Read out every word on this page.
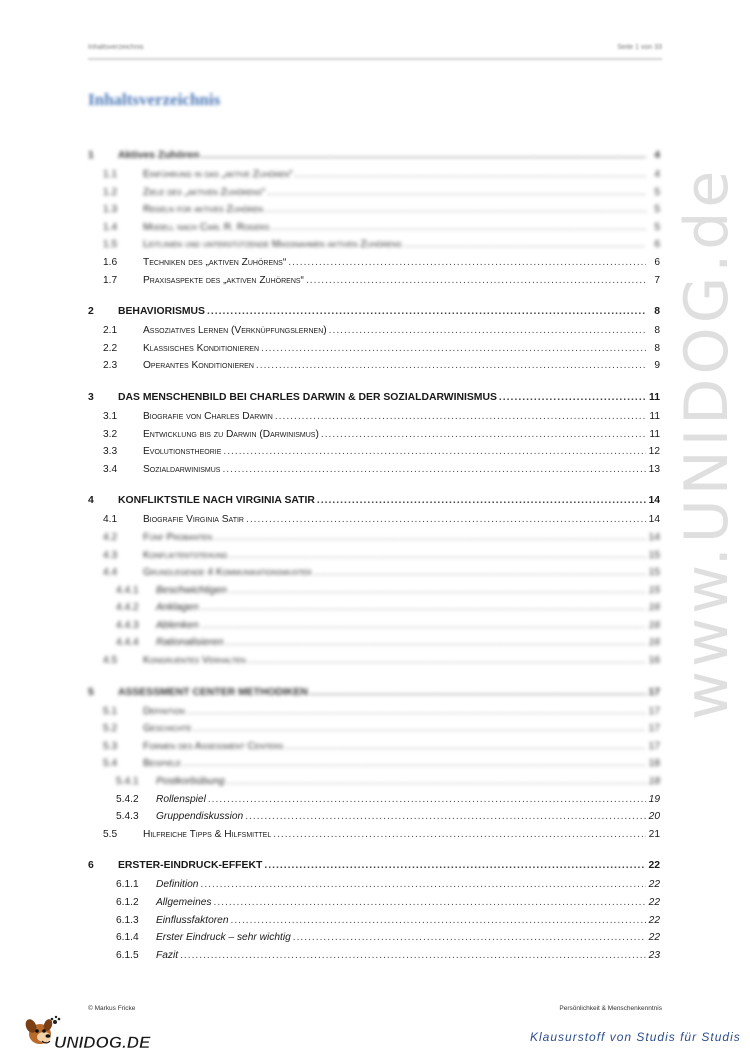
Inhaltsverzeichnis	Seite 1 von 33
Inhaltsverzeichnis
1	Aktives Zuhören .....	4
1.1	Einführung in das „aktive Zuhören“ .....	4
1.2	Ziele des „aktiven Zuhörens“ .....	5
1.3	Regeln für aktives Zuhören .....	5
1.4	Modell nach Carl R. Rogers .....	5
1.5	Leitlinien und unterstützende Maßnahmen aktiven Zuhörens .....	6
1.6	Techniken des „aktiven Zuhörens“ .....	6
1.7	Praxisaspekte des „aktiven Zuhörens“ .....	7
2	BEHAVIORISMUS .....	8
2.1	Assoziatives Lernen (Verknüpfungslernen) .....	8
2.2	Klassisches Konditionieren .....	8
2.3	Operantes Konditionieren .....	9
3	DAS MENSCHENBILD BEI CHARLES DARWIN & DER SOZIALDARWINISMUS .....	11
3.1	Biografie von Charles Darwin .....	11
3.2	Entwicklung bis zu Darwin (Darwinismus) .....	11
3.3	Evolutionstheorie .....	12
3.4	Sozialdarwinismus .....	13
4	KONFLIKTSTILE NACH VIRGINIA SATIR .....	14
4.1	Biografie Virginia Satir .....	14
4.2	Fünf Probanten .....	14
4.3	Konfliktentstehung .....	15
4.4	Grundlegende 4 Kommunikationsmuster .....	15
4.4.1	Beschwichtigen .....	15
4.4.2	Anklagen .....	16
4.4.3	Ablenken .....	16
4.4.4	Rationalisieren .....	16
4.5	Kongruentes Verhalten .....	16
5	ASSESSMENT CENTER METHODIKEN .....	17
5.1	Definition .....	17
5.2	Geschichte .....	17
5.3	Formen des Assessment Centers .....	17
5.4	Beispiele .....	18
5.4.1	Postkorbübung .....	18
5.4.2	Rollenspiel .....	19
5.4.3	Gruppendiskussion .....	20
5.5	Hilfreiche Tipps & Hilfsmittel .....	21
6	ERSTER-EINDRUCK-EFFEKT .....	22
6.1.1	Definition .....	22
6.1.2	Allgemeines .....	22
6.1.3	Einflussfaktoren .....	22
6.1.4	Erster Eindruck – sehr wichtig .....	22
6.1.5	Fazit .....	23
www.UNIDOG.de
© Markus Fricke	Persönlichkeit & Menschenkenntnis
UNIDOG.DE	Klausurstoff von Studis für Studis
